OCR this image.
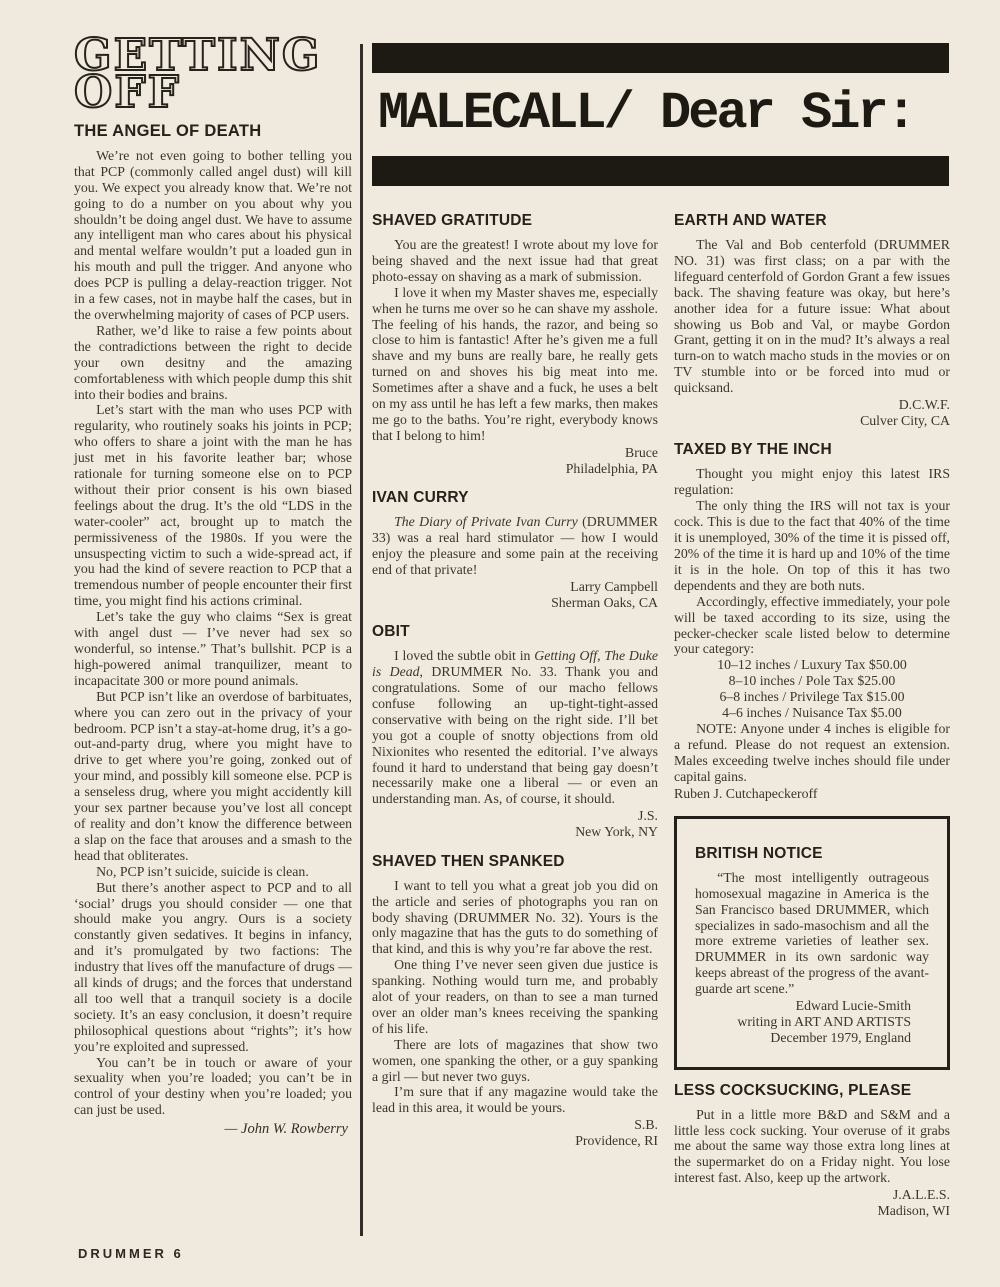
GETTING
OFF
THE ANGEL OF DEATH

We’re not even going to bother telling you that PCP (commonly called angel dust) will kill you. We expect you already know that. We’re not going to do a number on you about why you shouldn’t be doing angel dust. We have to assume any intelligent man who cares about his physical and mental welfare wouldn’t put a loaded gun in his mouth and pull the trigger. And anyone who does PCP is pulling a delay-reaction trigger. Not in a few cases, not in maybe half the cases, but in the overwhelming majority of cases of PCP users.

Rather, we’d like to raise a few points about the contradictions between the right to decide your own desitny and the amazing comfortableness with which people dump this shit into their bodies and brains.

Let’s start with the man who uses PCP with regularity, who routinely soaks his joints in PCP; who offers to share a joint with the man he has just met in his favorite leather bar; whose rationale for turning someone else on to PCP without their prior consent is his own biased feelings about the drug. It’s the old “LDS in the water-cooler” act, brought up to match the permissiveness of the 1980s. If you were the unsuspecting victim to such a wide-spread act, if you had the kind of severe reaction to PCP that a tremendous number of people encounter their first time, you might find his actions criminal.

Let’s take the guy who claims “Sex is great with angel dust — I’ve never had sex so wonderful, so intense.” That’s bullshit. PCP is a high-powered animal tranquilizer, meant to incapacitate 300 or more pound animals.

But PCP isn’t like an overdose of barbituates, where you can zero out in the privacy of your bedroom. PCP isn’t a stay-at-home drug, it’s a go-out-and-party drug, where you might have to drive to get where you’re going, zonked out of your mind, and possibly kill someone else. PCP is a senseless drug, where you might accidently kill your sex partner because you’ve lost all concept of reality and don’t know the difference between a slap on the face that arouses and a smash to the head that obliterates.

No, PCP isn’t suicide, suicide is clean.

But there’s another aspect to PCP and to all ‘social’ drugs you should consider — one that should make you angry. Ours is a society constantly given sedatives. It begins in infancy, and it’s promulgated by two factions: The industry that lives off the manufacture of drugs — all kinds of drugs; and the forces that understand all too well that a tranquil society is a docile society. It’s an easy conclusion, it doesn’t require philosophical questions about “rights”; it’s how you’re exploited and supressed.

You can’t be in touch or aware of your sexuality when you’re loaded; you can’t be in control of your destiny when you’re loaded; you can just be used.

— John W. Rowberry
MALECALL/ Dear Sir:
SHAVED GRATITUDE

You are the greatest! I wrote about my love for being shaved and the next issue had that great photo-essay on shaving as a mark of submission.

I love it when my Master shaves me, especially when he turns me over so he can shave my asshole. The feeling of his hands, the razor, and being so close to him is fantastic! After he’s given me a full shave and my buns are really bare, he really gets turned on and shoves his big meat into me. Sometimes after a shave and a fuck, he uses a belt on my ass until he has left a few marks, then makes me go to the baths. You’re right, everybody knows that I belong to him!

Bruce
Philadelphia, PA
IVAN CURRY

The Diary of Private Ivan Curry (DRUMMER 33) was a real hard stimulator — how I would enjoy the pleasure and some pain at the receiving end of that private!

Larry Campbell
Sherman Oaks, CA
OBIT

I loved the subtle obit in Getting Off, The Duke is Dead, DRUMMER No. 33. Thank you and congratulations. Some of our macho fellows confuse following an up-tight-tight-assed conservative with being on the right side. I’ll bet you got a couple of snotty objections from old Nixionites who resented the editorial. I’ve always found it hard to understand that being gay doesn’t necessarily make one a liberal — or even an understanding man. As, of course, it should.

J.S.
New York, NY
SHAVED THEN SPANKED

I want to tell you what a great job you did on the article and series of photographs you ran on body shaving (DRUMMER No. 32). Yours is the only magazine that has the guts to do something of that kind, and this is why you’re far above the rest.

One thing I’ve never seen given due justice is spanking. Nothing would turn me, and probably alot of your readers, on than to see a man turned over an older man’s knees receiving the spanking of his life.

There are lots of magazines that show two women, one spanking the other, or a guy spanking a girl — but never two guys.

I’m sure that if any magazine would take the lead in this area, it would be yours.

S.B.
Providence, RI
EARTH AND WATER

The Val and Bob centerfold (DRUMMER NO. 31) was first class; on a par with the lifeguard centerfold of Gordon Grant a few issues back. The shaving feature was okay, but here’s another idea for a future issue: What about showing us Bob and Val, or maybe Gordon Grant, getting it on in the mud? It’s always a real turn-on to watch macho studs in the movies or on TV stumble into or be forced into mud or quicksand.

D.C.W.F.
Culver City, CA
TAXED BY THE INCH

Thought you might enjoy this latest IRS regulation:

The only thing the IRS will not tax is your cock. This is due to the fact that 40% of the time it is unemployed, 30% of the time it is pissed off, 20% of the time it is hard up and 10% of the time it is in the hole. On top of this it has two dependents and they are both nuts.

Accordingly, effective immediately, your pole will be taxed according to its size, using the pecker-checker scale listed below to determine your category:

10–12 inches / Luxury Tax $50.00
8–10 inches / Pole Tax $25.00
6–8 inches / Privilege Tax $15.00
4–6 inches / Nuisance Tax $5.00

NOTE: Anyone under 4 inches is eligible for a refund. Please do not request an extension. Males exceeding twelve inches should file under capital gains.

Ruben J. Cutchapeckeroff
BRITISH NOTICE

“The most intelligently outrageous homosexual magazine in America is the San Francisco based DRUMMER, which specializes in sado-masochism and all the more extreme varieties of leather sex. DRUMMER in its own sardonic way keeps abreast of the progress of the avant-guarde art scene.”

Edward Lucie-Smith
writing in ART AND ARTISTS
December 1979, England
LESS COCKSUCKING, PLEASE

Put in a little more B&D and S&M and a little less cock sucking. Your overuse of it grabs me about the same way those extra long lines at the supermarket do on a Friday night. You lose interest fast. Also, keep up the artwork.

J.A.L.E.S.
Madison, WI
DRUMMER 6
